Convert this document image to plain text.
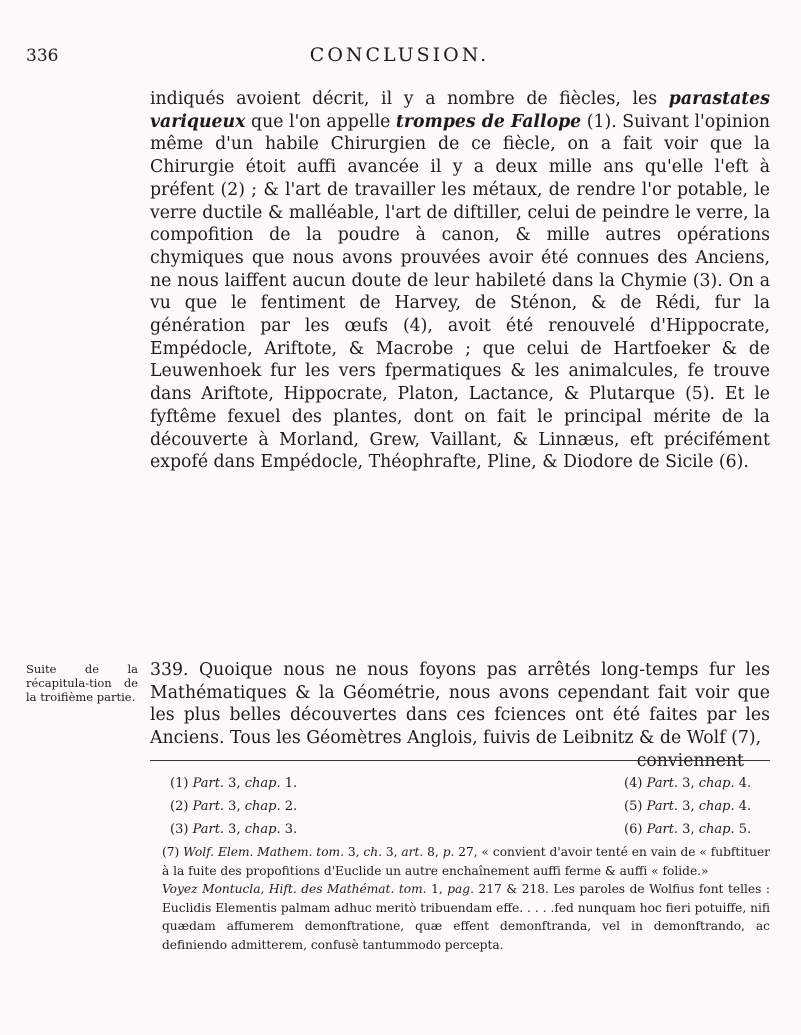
336	CONCLUSION.

indiqués avoient décrit, il y a nombre de fiècles, les parastates variqueux que l'on appelle trompes de Fallope (1). Suivant l'opinion même d'un habile Chirurgien de ce fiècle, on a fait voir que la Chirurgie étoit auffi avancée il y a deux mille ans qu'elle l'eft à préfent (2) ; & l'art de travailler les métaux, de rendre l'or potable, le verre ductile & malléable, l'art de diftiller, celui de peindre le verre, la compofition de la poudre à canon, & mille autres opérations chymiques que nous avons prouvées avoir été connues des Anciens, ne nous laiffent aucun doute de leur habileté dans la Chymie (3). On a vu que le fentiment de Harvey, de Sténon, & de Rédi, fur la génération par les œufs (4), avoit été renouvelé d'Hippocrate, Empédocle, Ariftote, & Macrobe ; que celui de Hartfoeker & de Leuwenhoek fur les vers fpermatiques & les animalcules, fe trouve dans Ariftote, Hippocrate, Platon, Lactance, & Plutarque (5). Et le fyftême fexuel des plantes, dont on fait le principal mérite de la découverte à Morland, Grew, Vaillant, & Linnæus, eft précifément expofé dans Empédocle, Théophrafte, Pline, & Diodore de Sicile (6).

Suite de la récapitula-tion de la troifième partie.

339. Quoique nous ne nous foyons pas arrêtés long-temps fur les Mathématiques & la Géométrie, nous avons cependant fait voir que les plus belles découvertes dans ces fciences ont été faites par les Anciens. Tous les Géomètres Anglois, fuivis de Leibnitz & de Wolf (7),
conviennent

(1) Part. 3, chap. 1.	(4) Part. 3, chap. 4.
(2) Part. 3, chap. 2.	(5) Part. 3, chap. 4.
(3) Part. 3, chap. 3.	(6) Part. 3, chap. 5.

(7) Wolf. Elem. Mathem. tom. 3, ch. 3, art. 8, p. 27, « convient d'avoir tenté en vain de « fubftituer à la fuite des propofitions d'Euclide un autre enchaînement auffi ferme & auffi « folide.»

Voyez Montucla, Hift. des Mathémat. tom. 1, pag. 217 & 218. Les paroles de Wolfius font telles : Euclidis Elementis palmam adhuc meritò tribuendam effe. . . . .fed nunquam hoc fieri potuiffe, nifi quædam affumerem demonftratione, quæ effent demonftranda, vel in demonftrando, ac definiendo admitterem, confusè tantummodo percepta.
